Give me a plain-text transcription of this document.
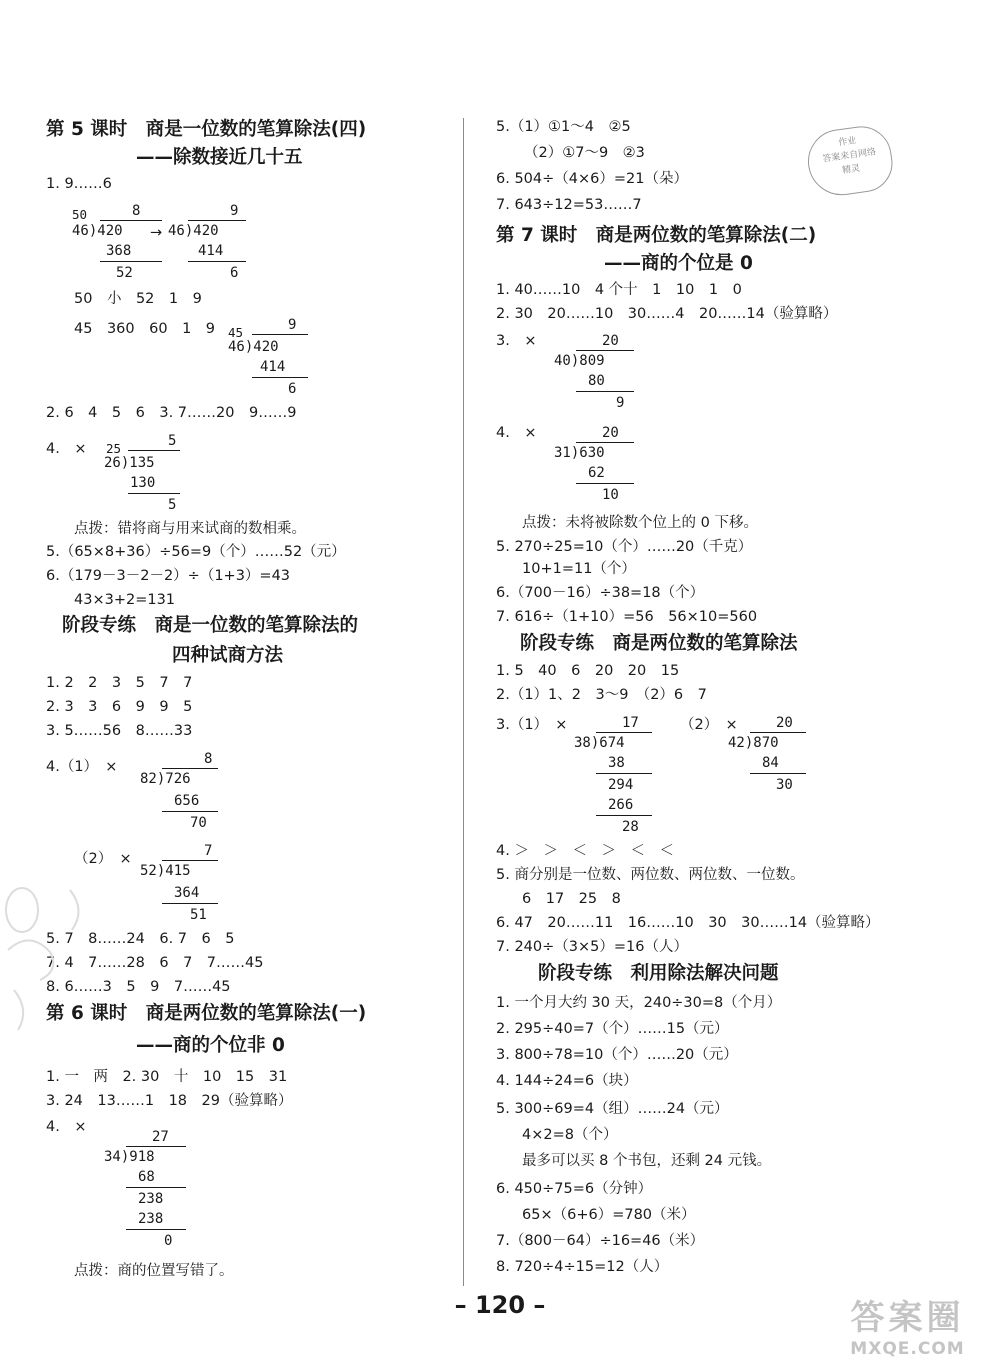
第 5 课时　商是一位数的笔算除法(四)
——除数接近几十五
1. 9……6
50	8
46)420
368
52
→
9
46)420
414
6
50　小　52　1　9
45　360　60　1　9 45	9
46)420
414
6
2. 6　4　5　6　3. 7……20　9……9
4.　× 25	5
26)135
130
5
点拨：错将商与用来试商的数相乘。
5.（65×8+36）÷56=9（个）……52（元）
6.（179－3－2－2）÷（1+3）=43
43×3+2=131
阶段专练　商是一位数的笔算除法的
四种试商方法
1. 2　2　3　5　7　7
2. 3　3　6　9　9　5
3. 5……56　8……33
4.（1）　×	8
82)726
656
70
（2）　×	7
52)415
364
51
5. 7　8……24　6. 7　6　5
7. 4　7……28　6　7　7……45
8. 6……3　5　9　7……45
第 6 课时　商是两位数的笔算除法(一)
——商的个位非 0
1. 一　两　2. 30　十　10　15　31
3. 24　13……1　18　29（验算略）
4.　×
27
34)918
68
238
238
0
点拨：商的位置写错了。
5.（1）①1～4　②5
（2）①7～9　②3
6. 504÷（4×6）=21（朵）
7. 643÷12=53……7
作业
答案来自网络
精灵
第 7 课时　商是两位数的笔算除法(二)
——商的个位是 0
1. 40……10　4 个十　1　10　1　0
2. 30　20……10　30……4　20……14（验算略）
3.　×	20
40)809
80
9
4.　×	20
31)630
62
10
点拨：未将被除数个位上的 0 下移。
5. 270÷25=10（个）……20（千克）
10+1=11（个）
6.（700－16）÷38=18（个）
7. 616÷（1+10）=56　56×10=560
阶段专练　商是两位数的笔算除法
1. 5　40　6　20　20　15
2.（1）1、2　3～9　（2）6　7
3.（1）　×	17
38)674
38
294
266
28
（2）　×	20
42)870
84
30
4. ＞　＞　＜　＞　＜　＜
5. 商分别是一位数、两位数、两位数、一位数。
6　17　25　8
6. 47　20……11　16……10　30　30……14（验算略）
7. 240÷（3×5）=16（人）
阶段专练　利用除法解决问题
1. 一个月大约 30 天，240÷30=8（个月）
2. 295÷40=7（个）……15（元）
3. 800÷78=10（个）……20（元）
4. 144÷24=6（块）
5. 300÷69=4（组）……24（元）
4×2=8（个）
最多可以买 8 个书包，还剩 24 元钱。
6. 450÷75=6（分钟）
65×（6+6）=780（米）
7.（800－64）÷16=46（米）
8. 720÷4÷15=12（人）
– 120 –	答案圈
MXQE.COM
